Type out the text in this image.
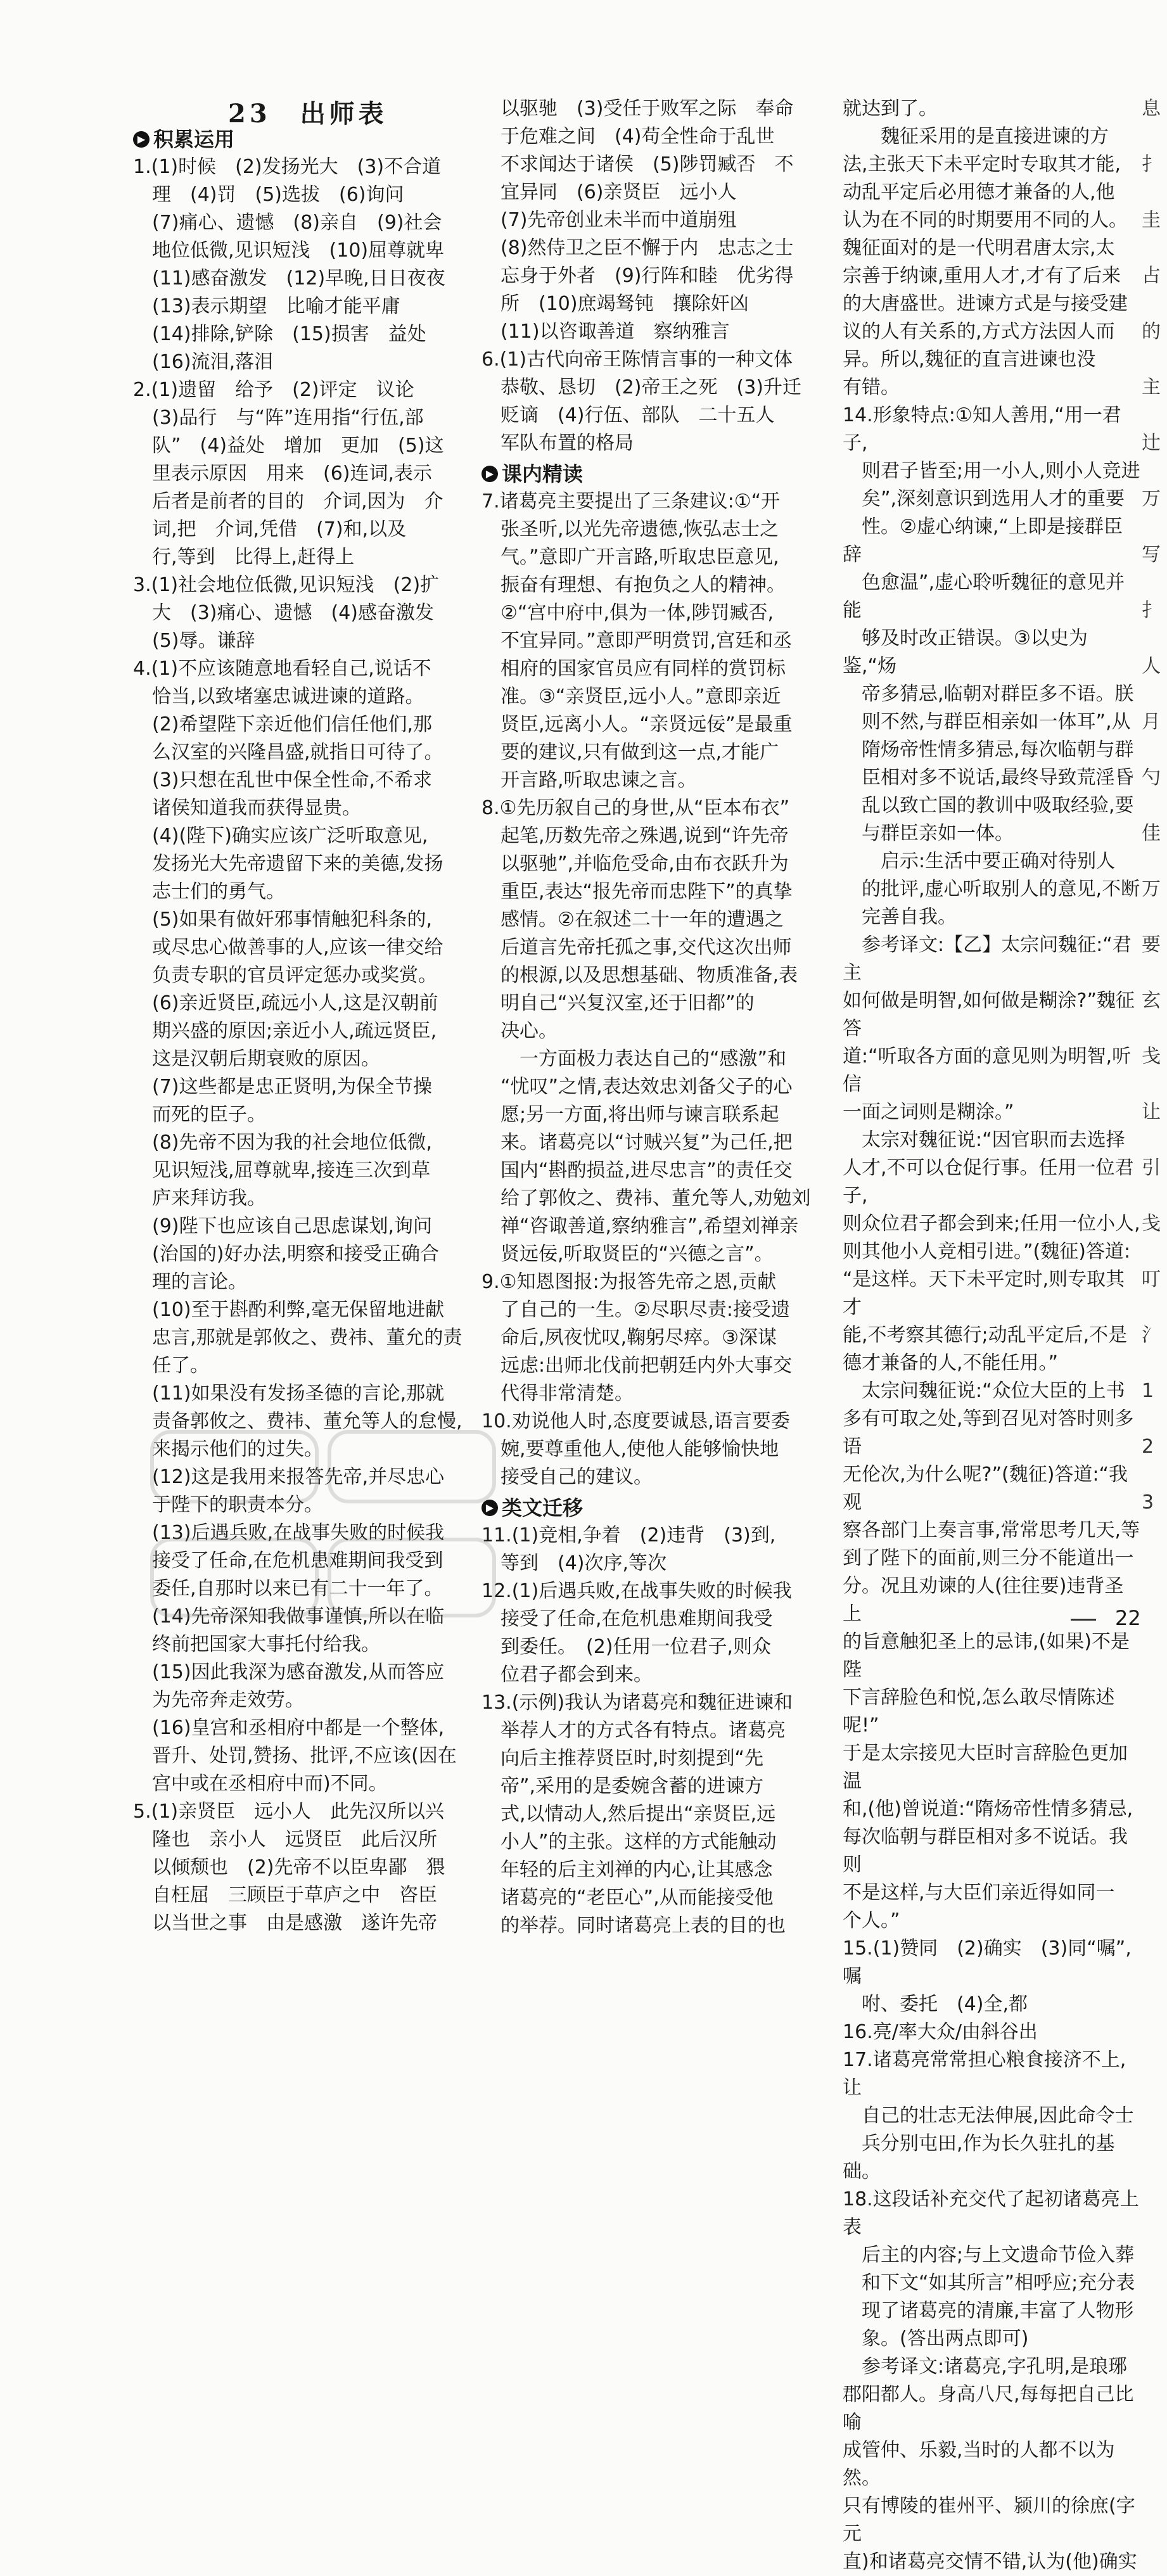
23　出师表
▶ 积累运用

1.(1)时候　(2)发扬光大　(3)不合道

　理　(4)罚　(5)选拔　(6)询问

　(7)痛心、遗憾　(8)亲自　(9)社会

　地位低微,见识短浅　(10)屈尊就卑

　(11)感奋激发　(12)早晚,日日夜夜

　(13)表示期望　比喻才能平庸

　(14)排除,铲除　(15)损害　益处

　(16)流泪,落泪

2.(1)遗留　给予　(2)评定　议论

　(3)品行　与“阵”连用指“行伍,部

　队”　(4)益处　增加　更加　(5)这

　里表示原因　用来　(6)连词,表示

　后者是前者的目的　介词,因为　介

　词,把　介词,凭借　(7)和,以及

　行,等到　比得上,赶得上

3.(1)社会地位低微,见识短浅　(2)扩

　大　(3)痛心、遗憾　(4)感奋激发

　(5)辱。谦辞

4.(1)不应该随意地看轻自己,说话不

　恰当,以致堵塞忠诚进谏的道路。

　(2)希望陛下亲近他们信任他们,那

　么汉室的兴隆昌盛,就指日可待了。

　(3)只想在乱世中保全性命,不希求

　诸侯知道我而获得显贵。

　(4)(陛下)确实应该广泛听取意见,

　发扬光大先帝遗留下来的美德,发扬

　志士们的勇气。

　(5)如果有做奸邪事情触犯科条的,

　或尽忠心做善事的人,应该一律交给

　负责专职的官员评定惩办或奖赏。

　(6)亲近贤臣,疏远小人,这是汉朝前

　期兴盛的原因;亲近小人,疏远贤臣,

　这是汉朝后期衰败的原因。

　(7)这些都是忠正贤明,为保全节操

　而死的臣子。

　(8)先帝不因为我的社会地位低微,

　见识短浅,屈尊就卑,接连三次到草

　庐来拜访我。

　(9)陛下也应该自己思虑谋划,询问

　(治国的)好办法,明察和接受正确合

　理的言论。

　(10)至于斟酌利弊,毫无保留地进献

　忠言,那就是郭攸之、费祎、董允的责

　任了。

　(11)如果没有发扬圣德的言论,那就

　责备郭攸之、费祎、董允等人的怠慢,

　来揭示他们的过失。

　(12)这是我用来报答先帝,并尽忠心

　于陛下的职责本分。

　(13)后遇兵败,在战事失败的时候我

　接受了任命,在危机患难期间我受到

　委任,自那时以来已有二十一年了。

　(14)先帝深知我做事谨慎,所以在临

　终前把国家大事托付给我。

　(15)因此我深为感奋激发,从而答应

　为先帝奔走效劳。

　(16)皇宫和丞相府中都是一个整体,

　晋升、处罚,赞扬、批评,不应该(因在

　宫中或在丞相府中而)不同。

5.(1)亲贤臣　远小人　此先汉所以兴

　隆也　亲小人　远贤臣　此后汉所

　以倾颓也　(2)先帝不以臣卑鄙　猥

　自枉屈　三顾臣于草庐之中　咨臣

　以当世之事　由是感激　遂许先帝

　以驱驰　(3)受任于败军之际　奉命

　于危难之间　(4)苟全性命于乱世

　不求闻达于诸侯　(5)陟罚臧否　不

　宜异同　(6)亲贤臣　远小人

　(7)先帝创业未半而中道崩殂

　(8)然侍卫之臣不懈于内　忠志之士

　忘身于外者　(9)行阵和睦　优劣得

　所　(10)庶竭驽钝　攘除奸凶

　(11)以咨诹善道　察纳雅言

6.(1)古代向帝王陈情言事的一种文体

　恭敬、恳切　(2)帝王之死　(3)升迁

　贬谪　(4)行伍、部队　二十五人

　军队布置的格局

▶ 课内精读

7.诸葛亮主要提出了三条建议:①“开

　张圣听,以光先帝遗德,恢弘志士之

　气。”意即广开言路,听取忠臣意见,

　振奋有理想、有抱负之人的精神。

　②“宫中府中,俱为一体,陟罚臧否,

　不宜异同。”意即严明赏罚,宫廷和丞

　相府的国家官员应有同样的赏罚标

　准。③“亲贤臣,远小人。”意即亲近

　贤臣,远离小人。“亲贤远佞”是最重

　要的建议,只有做到这一点,才能广

　开言路,听取忠谏之言。

8.①先历叙自己的身世,从“臣本布衣”

　起笔,历数先帝之殊遇,说到“许先帝

　以驱驰”,并临危受命,由布衣跃升为

　重臣,表达“报先帝而忠陛下”的真挚

　感情。②在叙述二十一年的遭遇之

　后道言先帝托孤之事,交代这次出师

　的根源,以及思想基础、物质准备,表

　明自己“兴复汉室,还于旧都”的

　决心。

　　一方面极力表达自己的“感激”和

　“忧叹”之情,表达效忠刘备父子的心

　愿;另一方面,将出师与谏言联系起

　来。诸葛亮以“讨贼兴复”为己任,把

　国内“斟酌损益,进尽忠言”的责任交

　给了郭攸之、费祎、董允等人,劝勉刘

　禅“咨诹善道,察纳雅言”,希望刘禅亲

　贤远佞,听取贤臣的“兴德之言”。

9.①知恩图报:为报答先帝之恩,贡献

　了自己的一生。②尽职尽责:接受遗

　命后,夙夜忧叹,鞠躬尽瘁。③深谋

　远虑:出师北伐前把朝廷内外大事交

　代得非常清楚。

10.劝说他人时,态度要诚恳,语言要委

　婉,要尊重他人,使他人能够愉快地

　接受自己的建议。

▶ 类文迁移

11.(1)竞相,争着　(2)违背　(3)到,

　等到　(4)次序,等次

12.(1)后遇兵败,在战事失败的时候我

　接受了任命,在危机患难期间我受

　到委任。　(2)任用一位君子,则众

　位君子都会到来。

13.(示例)我认为诸葛亮和魏征进谏和

　举荐人才的方式各有特点。诸葛亮

　向后主推荐贤臣时,时刻提到“先

　帝”,采用的是委婉含蓄的进谏方

　式,以情动人,然后提出“亲贤臣,远

　小人”的主张。这样的方式能触动

　年轻的后主刘禅的内心,让其感念

　诸葛亮的“老臣心”,从而能接受他

　的举荐。同时诸葛亮上表的目的也

就达到了。

　　魏征采用的是直接进谏的方

法,主张天下未平定时专取其才能,

动乱平定后必用德才兼备的人,他

认为在不同的时期要用不同的人。

魏征面对的是一代明君唐太宗,太

宗善于纳谏,重用人才,才有了后来

的大唐盛世。进谏方式是与接受建

议的人有关系的,方式方法因人而

异。所以,魏征的直言进谏也没

有错。

14.形象特点:①知人善用,“用一君子,

　则君子皆至;用一小人,则小人竞进

　矣”,深刻意识到选用人才的重要

　性。②虚心纳谏,“上即是接群臣辞

　色愈温”,虚心聆听魏征的意见并能

　够及时改正错误。③以史为鉴,“炀

　帝多猜忌,临朝对群臣多不语。朕

　则不然,与群臣相亲如一体耳”,从

　隋炀帝性情多猜忌,每次临朝与群

　臣相对多不说话,最终导致荒淫昏

　乱以致亡国的教训中吸取经验,要

　与群臣亲如一体。

　　启示:生活中要正确对待别人

　的批评,虚心听取别人的意见,不断

　完善自我。

　参考译文:【乙】太宗问魏征:“君主

如何做是明智,如何做是糊涂?”魏征答

道:“听取各方面的意见则为明智,听信

一面之词则是糊涂。”

　太宗对魏征说:“因官职而去选择

人才,不可以仓促行事。任用一位君子,

则众位君子都会到来;任用一位小人,

则其他小人竞相引进。”(魏征)答道:

“是这样。天下未平定时,则专取其才

能,不考察其德行;动乱平定后,不是

德才兼备的人,不能任用。”

　太宗问魏征说:“众位大臣的上书

多有可取之处,等到召见对答时则多语

无伦次,为什么呢?”(魏征)答道:“我观

察各部门上奏言事,常常思考几天,等

到了陛下的面前,则三分不能道出一

分。况且劝谏的人(往往要)违背圣上

的旨意触犯圣上的忌讳,(如果)不是陛

下言辞脸色和悦,怎么敢尽情陈述呢!”

于是太宗接见大臣时言辞脸色更加温

和,(他)曾说道:“隋炀帝性情多猜忌,

每次临朝与群臣相对多不说话。我则

不是这样,与大臣们亲近得如同一

个人。”

15.(1)赞同　(2)确实　(3)同“嘱”,嘱

　咐、委托　(4)全,都

16.亮/率大众/由斜谷出

17.诸葛亮常常担心粮食接济不上,让

　自己的壮志无法伸展,因此命令士

　兵分别屯田,作为长久驻扎的基础。

18.这段话补充交代了起初诸葛亮上表

　后主的内容;与上文遗命节俭入葬

　和下文“如其所言”相呼应;充分表

　现了诸葛亮的清廉,丰富了人物形

　象。(答出两点即可)

　参考译文:诸葛亮,字孔明,是琅琊

郡阳都人。身高八尺,每每把自己比喻

成管仲、乐毅,当时的人都不以为然。

只有博陵的崔州平、颍川的徐庶(字元

直)和诸葛亮交情不错,认为(他)确实

息
扌
圭
占
的
主
辻
万
写
扌
人
月
勺
佳
万
要
玄
戋
让
引
戋
叮
氵
1
2
3
22
